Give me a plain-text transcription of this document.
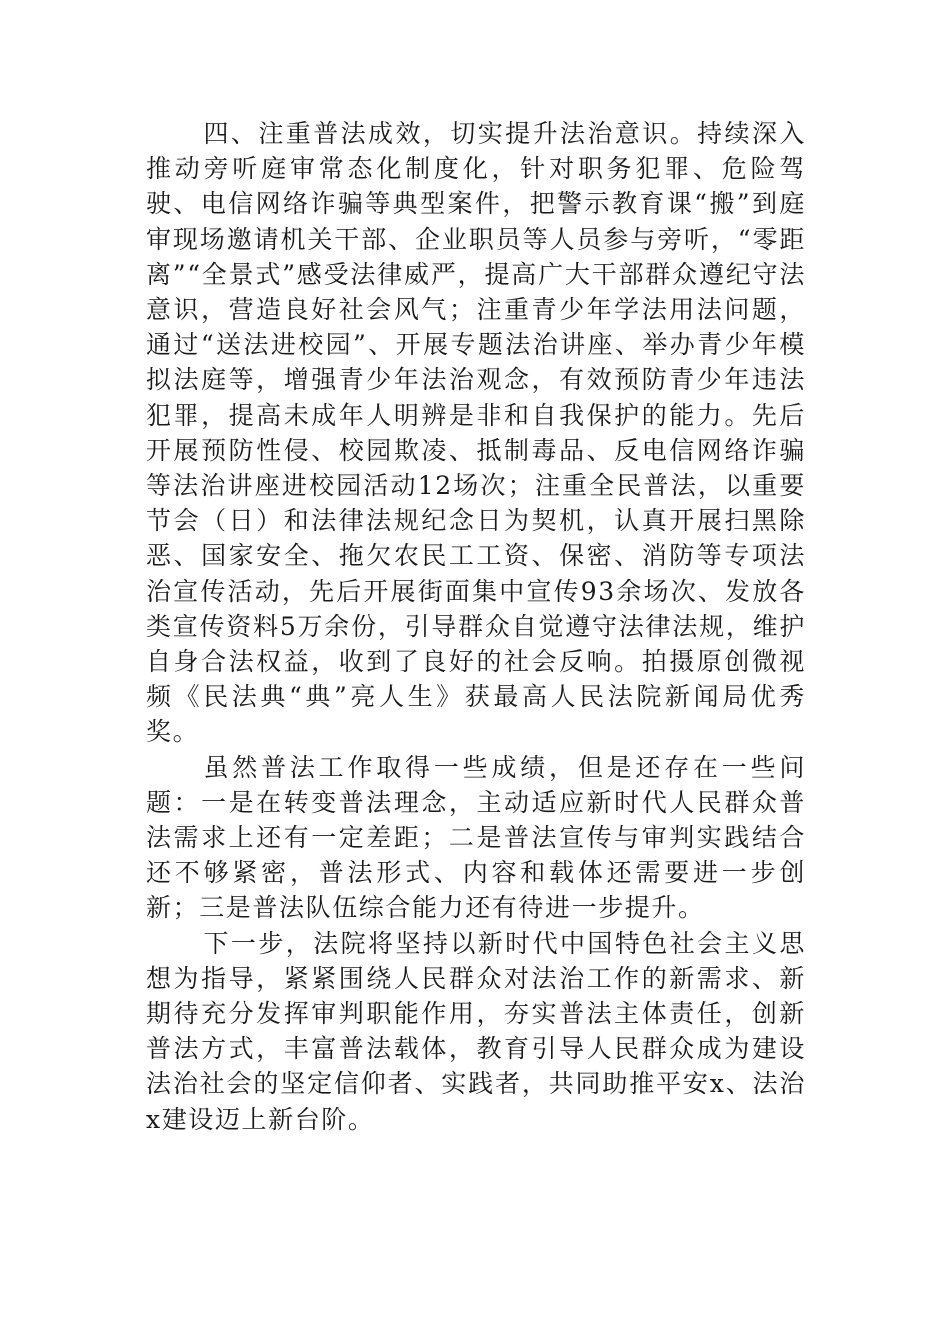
四、注重普法成效，切实提升法治意识。持续深入推动旁听庭审常态化制度化，针对职务犯罪、危险驾驶、电信网络诈骗等典型案件，把警示教育课“搬”到庭审现场邀请机关干部、企业职员等人员参与旁听，“零距离”“全景式”感受法律威严，提高广大干部群众遵纪守法意识，营造良好社会风气；注重青少年学法用法问题，通过“送法进校园”、开展专题法治讲座、举办青少年模拟法庭等，增强青少年法治观念，有效预防青少年违法犯罪，提高未成年人明辨是非和自我保护的能力。先后开展预防性侵、校园欺凌、抵制毒品、反电信网络诈骗等法治讲座进校园活动12场次；注重全民普法，以重要节会（日）和法律法规纪念日为契机，认真开展扫黑除恶、国家安全、拖欠农民工工资、保密、消防等专项法治宣传活动，先后开展街面集中宣传93余场次、发放各类宣传资料5万余份，引导群众自觉遵守法律法规，维护自身合法权益，收到了良好的社会反响。拍摄原创微视频《民法典“典”亮人生》获最高人民法院新闻局优秀奖。

虽然普法工作取得一些成绩，但是还存在一些问题：一是在转变普法理念，主动适应新时代人民群众普法需求上还有一定差距；二是普法宣传与审判实践结合还不够紧密，普法形式、内容和载体还需要进一步创新；三是普法队伍综合能力还有待进一步提升。

下一步，法院将坚持以新时代中国特色社会主义思想为指导，紧紧围绕人民群众对法治工作的新需求、新期待充分发挥审判职能作用，夯实普法主体责任，创新普法方式，丰富普法载体，教育引导人民群众成为建设法治社会的坚定信仰者、实践者，共同助推平安x、法治x建设迈上新台阶。
